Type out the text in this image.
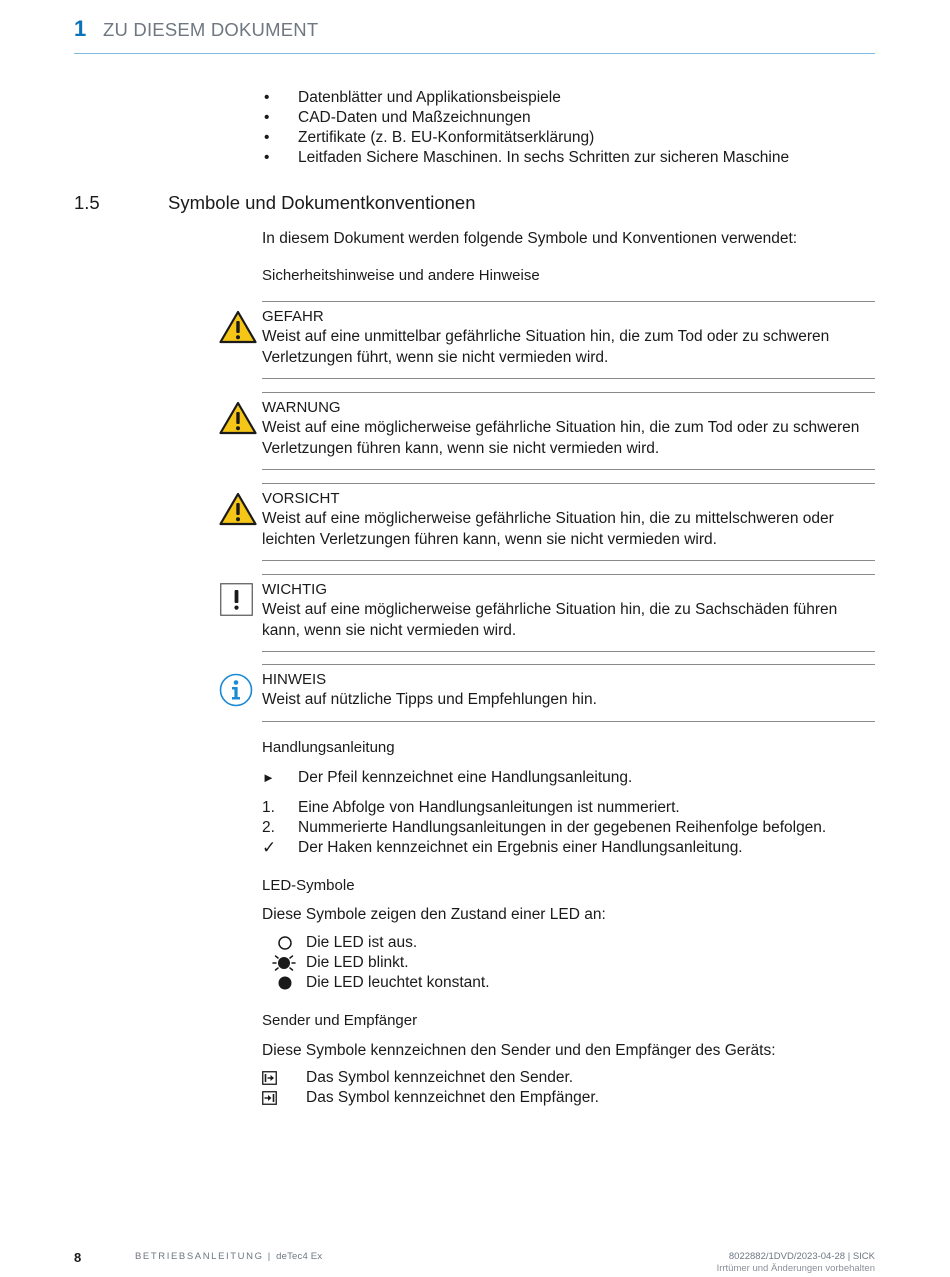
1 ZU DIESEM DOKUMENT
•	Datenblätter und Applikationsbeispiele
•	CAD-Daten und Maßzeichnungen
•	Zertifikate (z. B. EU-Konformitätserklärung)
•	Leitfaden Sichere Maschinen. In sechs Schritten zur sicheren Maschine
1.5	Symbole und Dokumentkonventionen
In diesem Dokument werden folgende Symbole und Konventionen verwendet:
Sicherheitshinweise und andere Hinweise
GEFAHR
Weist auf eine unmittelbar gefährliche Situation hin, die zum Tod oder zu schweren Verletzungen führt, wenn sie nicht vermieden wird.
WARNUNG
Weist auf eine möglicherweise gefährliche Situation hin, die zum Tod oder zu schweren Verletzungen führen kann, wenn sie nicht vermieden wird.
VORSICHT
Weist auf eine möglicherweise gefährliche Situation hin, die zu mittelschweren oder leichten Verletzungen führen kann, wenn sie nicht vermieden wird.
WICHTIG
Weist auf eine möglicherweise gefährliche Situation hin, die zu Sachschäden führen kann, wenn sie nicht vermieden wird.
HINWEIS
Weist auf nützliche Tipps und Empfehlungen hin.
Handlungsanleitung
►	Der Pfeil kennzeichnet eine Handlungsanleitung.
1.	Eine Abfolge von Handlungsanleitungen ist nummeriert.
2.	Nummerierte Handlungsanleitungen in der gegebenen Reihenfolge befolgen.
✓	Der Haken kennzeichnet ein Ergebnis einer Handlungsanleitung.
LED-Symbole
Diese Symbole zeigen den Zustand einer LED an:
Die LED ist aus.
Die LED blinkt.
Die LED leuchtet konstant.
Sender und Empfänger
Diese Symbole kennzeichnen den Sender und den Empfänger des Geräts:
Das Symbol kennzeichnet den Sender.
Das Symbol kennzeichnet den Empfänger.
8	BETRIEBSANLEITUNG | deTec4 Ex	8022882/1DVD/2023-04-28 | SICK
Irrtümer und Änderungen vorbehalten
